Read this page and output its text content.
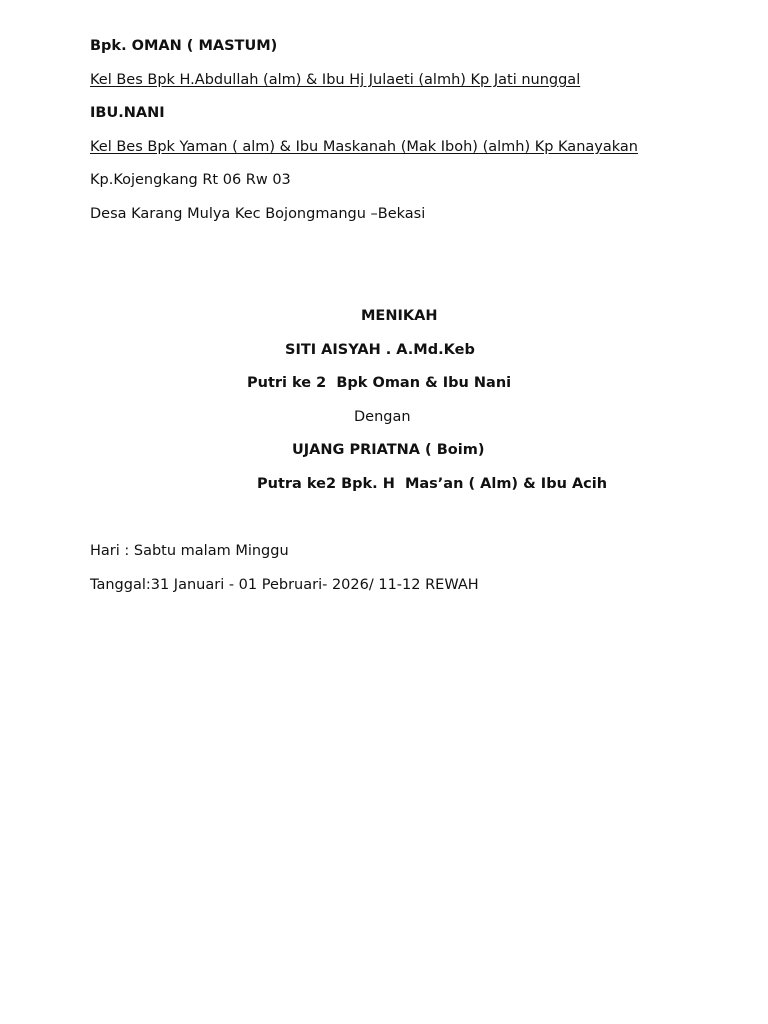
Bpk. OMAN ( MASTUM)
Kel Bes Bpk H.Abdullah (alm) & Ibu Hj Julaeti (almh) Kp Jati nunggal
IBU.NANI
Kel Bes Bpk Yaman ( alm) & Ibu Maskanah (Mak Iboh) (almh) Kp Kanayakan
Kp.Kojengkang Rt 06 Rw 03
Desa Karang Mulya Kec Bojongmangu –Bekasi
MENIKAH
SITI AISYAH . A.Md.Keb
Putri ke 2  Bpk Oman & Ibu Nani
Dengan
UJANG PRIATNA ( Boim)
Putra ke2 Bpk. H  Mas’an ( Alm) & Ibu Acih
Hari : Sabtu malam Minggu
Tanggal:31 Januari - 01 Pebruari- 2026/ 11-12 REWAH
